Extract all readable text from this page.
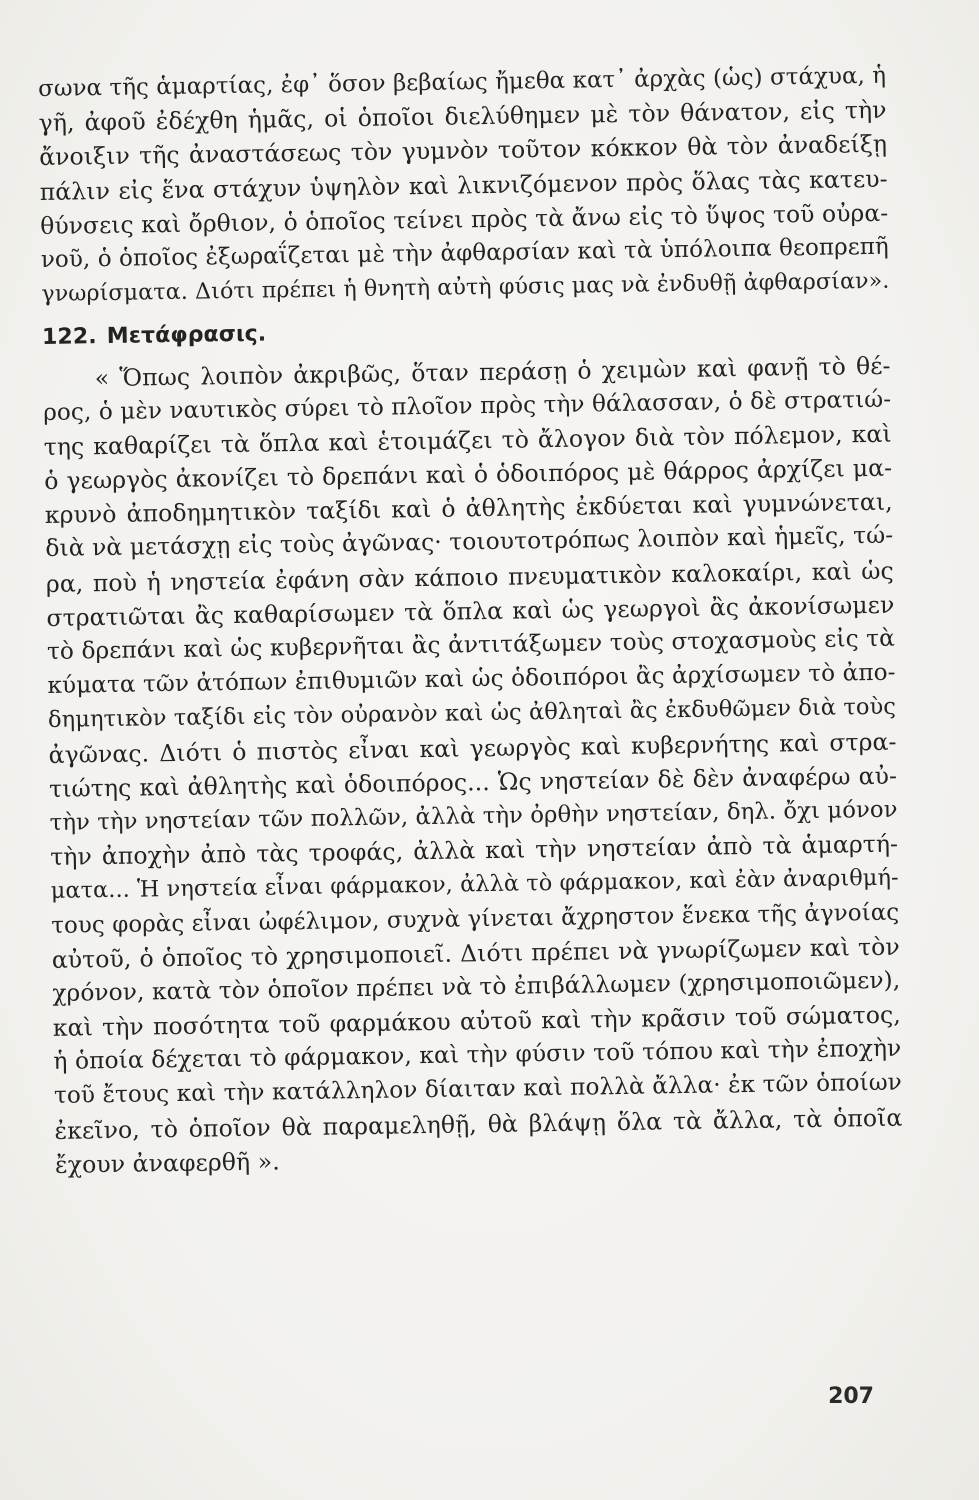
σωνα τῆς ἁμαρτίας, ἐφ᾽ ὅσον βεβαίως ἤμεθα κατ᾽ ἀρχὰς (ὡς) στάχυα, ἡ
γῆ, ἀφοῦ ἐδέχθη ἡμᾶς, οἱ ὁποῖοι διελύθημεν μὲ τὸν θάνατον, εἰς τὴν
ἄνοιξιν τῆς ἀναστάσεως τὸν γυμνὸν τοῦτον κόκκον θὰ τὸν ἀναδείξῃ
πάλιν εἰς ἕνα στάχυν ὑψηλὸν καὶ λικνιζόμενον πρὸς ὅλας τὰς κατευ-
θύνσεις καὶ ὄρθιον, ὁ ὁποῖος τείνει πρὸς τὰ ἄνω εἰς τὸ ὕψος τοῦ οὐρα-
νοῦ, ὁ ὁποῖος ἐξωραΐζεται μὲ τὴν ἀφθαρσίαν καὶ τὰ ὑπόλοιπα θεοπρεπῆ
γνωρίσματα. Διότι πρέπει ἡ θνητὴ αὐτὴ φύσις μας νὰ ἐνδυθῇ ἀφθαρσίαν».
122. Μετάφρασις.
« Ὅπως λοιπὸν ἀκριβῶς, ὅταν περάσῃ ὁ χειμὼν καὶ φανῇ τὸ θέ-
ρος, ὁ μὲν ναυτικὸς σύρει τὸ πλοῖον πρὸς τὴν θάλασσαν, ὁ δὲ στρατιώ-
της καθαρίζει τὰ ὅπλα καὶ ἑτοιμάζει τὸ ἄλογον διὰ τὸν πόλεμον, καὶ
ὁ γεωργὸς ἀκονίζει τὸ δρεπάνι καὶ ὁ ὁδοιπόρος μὲ θάρρος ἀρχίζει μα-
κρυνὸ ἀποδημητικὸν ταξίδι καὶ ὁ ἀθλητὴς ἐκδύεται καὶ γυμνώνεται,
διὰ νὰ μετάσχῃ εἰς τοὺς ἀγῶνας· τοιουτοτρόπως λοιπὸν καὶ ἡμεῖς, τώ-
ρα, ποὺ ἡ νηστεία ἐφάνη σὰν κάποιο πνευματικὸν καλοκαίρι, καὶ ὡς
στρατιῶται ἂς καθαρίσωμεν τὰ ὅπλα καὶ ὡς γεωργοὶ ἂς ἀκονίσωμεν
τὸ δρεπάνι καὶ ὡς κυβερνῆται ἂς ἀντιτάξωμεν τοὺς στοχασμοὺς εἰς τὰ
κύματα τῶν ἀτόπων ἐπιθυμιῶν καὶ ὡς ὁδοιπόροι ἂς ἀρχίσωμεν τὸ ἀπο-
δημητικὸν ταξίδι εἰς τὸν οὐρανὸν καὶ ὡς ἀθληταὶ ἂς ἐκδυθῶμεν διὰ τοὺς
ἀγῶνας. Διότι ὁ πιστὸς εἶναι καὶ γεωργὸς καὶ κυβερνήτης καὶ στρα-
τιώτης καὶ ἀθλητὴς καὶ ὁδοιπόρος... Ὡς νηστείαν δὲ δὲν ἀναφέρω αὐ-
τὴν τὴν νηστείαν τῶν πολλῶν, ἀλλὰ τὴν ὀρθὴν νηστείαν, δηλ. ὄχι μόνον
τὴν ἀποχὴν ἀπὸ τὰς τροφάς, ἀλλὰ καὶ τὴν νηστείαν ἀπὸ τὰ ἁμαρτή-
ματα... Ἡ νηστεία εἶναι φάρμακον, ἀλλὰ τὸ φάρμακον, καὶ ἐὰν ἀναριθμή-
τους φορὰς εἶναι ὠφέλιμον, συχνὰ γίνεται ἄχρηστον ἕνεκα τῆς ἀγνοίας
αὐτοῦ, ὁ ὁποῖος τὸ χρησιμοποιεῖ. Διότι πρέπει νὰ γνωρίζωμεν καὶ τὸν
χρόνον, κατὰ τὸν ὁποῖον πρέπει νὰ τὸ ἐπιβάλλωμεν (χρησιμοποιῶμεν),
καὶ τὴν ποσότητα τοῦ φαρμάκου αὐτοῦ καὶ τὴν κρᾶσιν τοῦ σώματος,
ἡ ὁποία δέχεται τὸ φάρμακον, καὶ τὴν φύσιν τοῦ τόπου καὶ τὴν ἐποχὴν
τοῦ ἔτους καὶ τὴν κατάλληλον δίαιταν καὶ πολλὰ ἄλλα· ἐκ τῶν ὁποίων
ἐκεῖνο, τὸ ὁποῖον θὰ παραμεληθῇ, θὰ βλάψῃ ὅλα τὰ ἄλλα, τὰ ὁποῖα
ἔχουν ἀναφερθῆ ».
207
